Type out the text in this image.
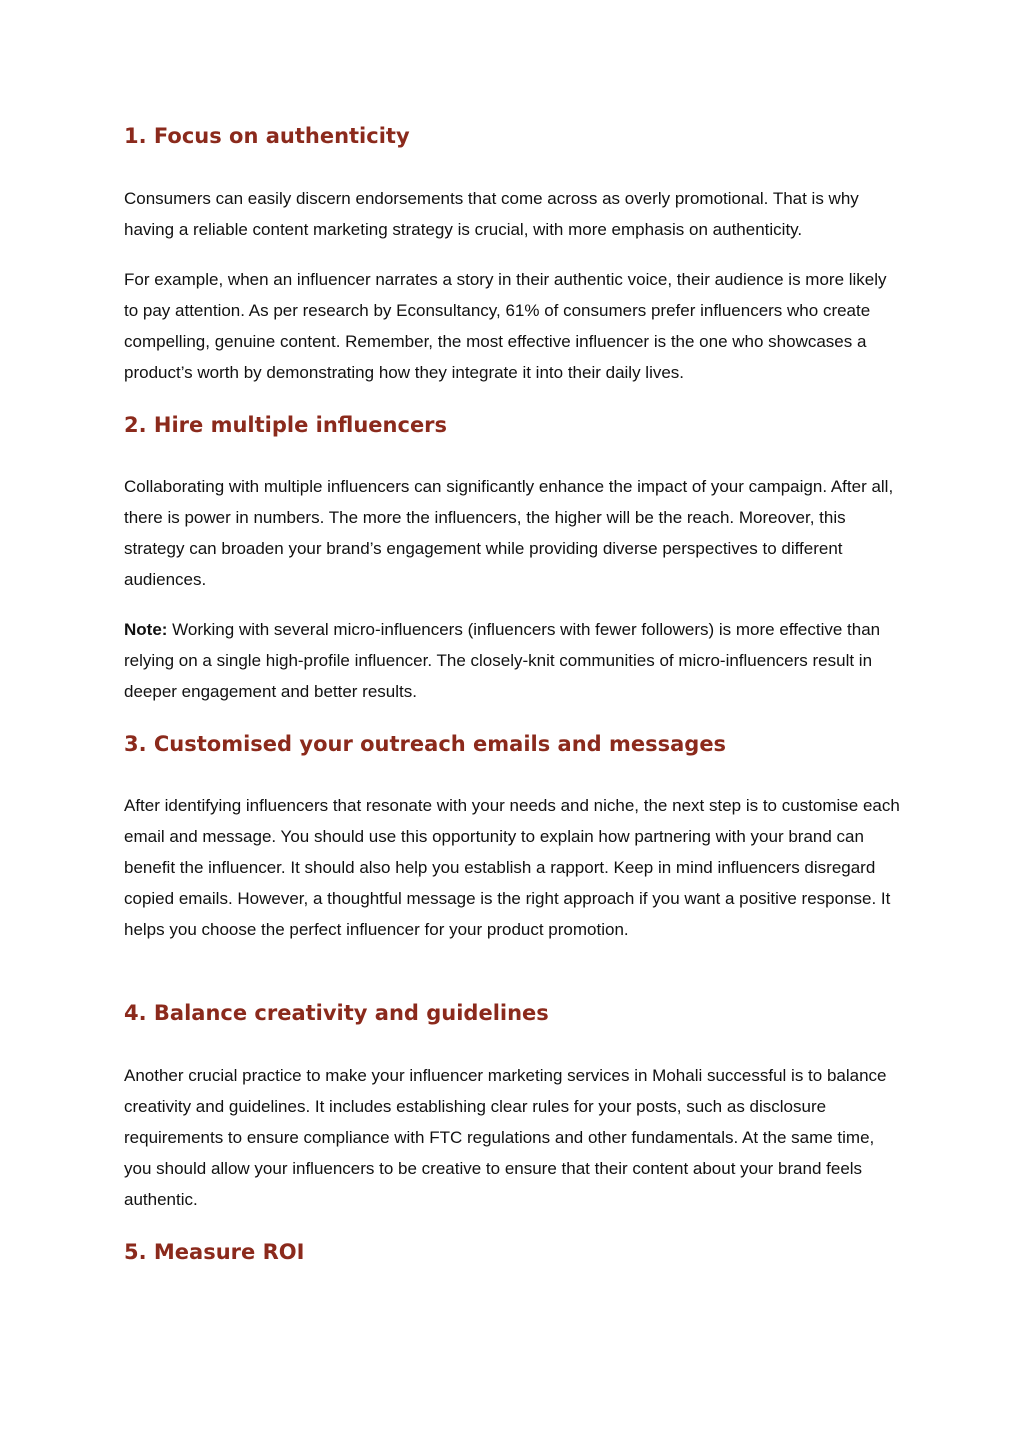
1. Focus on authenticity

Consumers can easily discern endorsements that come across as overly promotional. That is why having a reliable content marketing strategy is crucial, with more emphasis on authenticity.

For example, when an influencer narrates a story in their authentic voice, their audience is more likely to pay attention. As per research by Econsultancy, 61% of consumers prefer influencers who create compelling, genuine content. Remember, the most effective influencer is the one who showcases a product’s worth by demonstrating how they integrate it into their daily lives.

2. Hire multiple influencers

Collaborating with multiple influencers can significantly enhance the impact of your campaign. After all, there is power in numbers. The more the influencers, the higher will be the reach. Moreover, this strategy can broaden your brand’s engagement while providing diverse perspectives to different audiences.

Note: Working with several micro-influencers (influencers with fewer followers) is more effective than relying on a single high-profile influencer. The closely-knit communities of micro-influencers result in deeper engagement and better results.

3. Customised your outreach emails and messages

After identifying influencers that resonate with your needs and niche, the next step is to customise each email and message. You should use this opportunity to explain how partnering with your brand can benefit the influencer. It should also help you establish a rapport. Keep in mind influencers disregard copied emails. However, a thoughtful message is the right approach if you want a positive response. It helps you choose the perfect influencer for your product promotion.

4. Balance creativity and guidelines

Another crucial practice to make your influencer marketing services in Mohali successful is to balance creativity and guidelines. It includes establishing clear rules for your posts, such as disclosure requirements to ensure compliance with FTC regulations and other fundamentals. At the same time, you should allow your influencers to be creative to ensure that their content about your brand feels authentic.

5. Measure ROI
